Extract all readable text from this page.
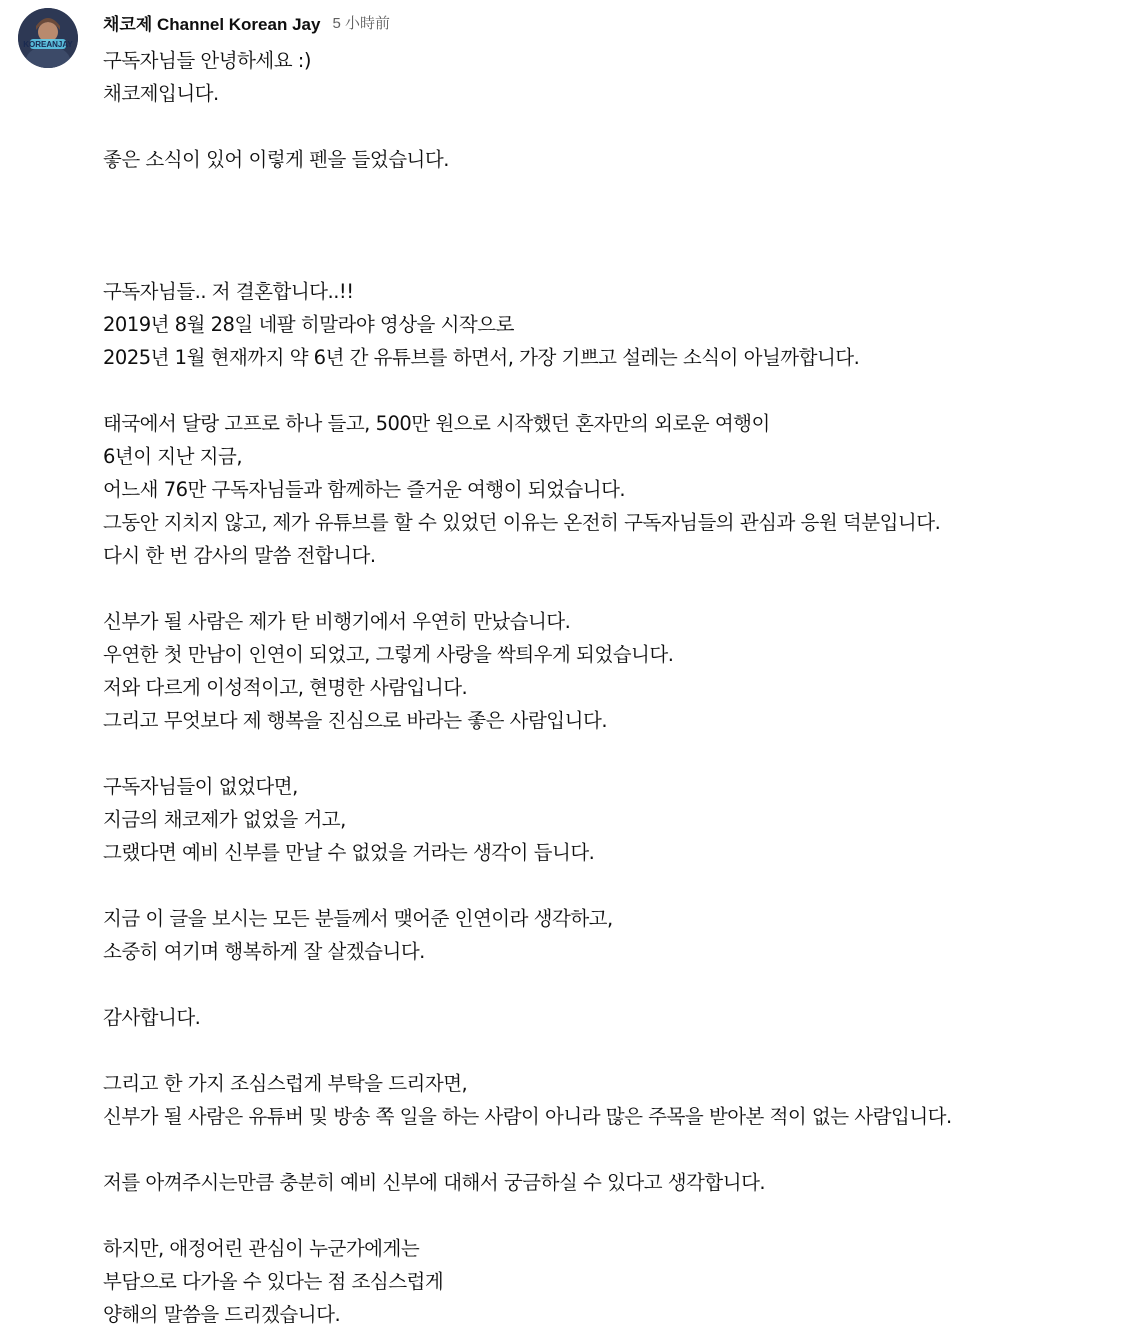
KOREANJAY
채코제 Channel Korean Jay 5 小時前
구독자님들 안녕하세요 :)
채코제입니다.
좋은 소식이 있어 이렇게 펜을 들었습니다.
구독자님들.. 저 결혼합니다..!!
2019년 8월 28일 네팔 히말라야 영상을 시작으로
2025년 1월 현재까지 약 6년 간 유튜브를 하면서, 가장 기쁘고 설레는 소식이 아닐까합니다.
태국에서 달랑 고프로 하나 들고, 500만 원으로 시작했던 혼자만의 외로운 여행이
6년이 지난 지금,
어느새 76만 구독자님들과 함께하는 즐거운 여행이 되었습니다.
그동안 지치지 않고, 제가 유튜브를 할 수 있었던 이유는 온전히 구독자님들의 관심과 응원 덕분입니다.
다시 한 번 감사의 말씀 전합니다.
신부가 될 사람은 제가 탄 비행기에서 우연히 만났습니다.
우연한 첫 만남이 인연이 되었고, 그렇게 사랑을 싹틔우게 되었습니다.
저와 다르게 이성적이고, 현명한 사람입니다.
그리고 무엇보다 제 행복을 진심으로 바라는 좋은 사람입니다.
구독자님들이 없었다면,
지금의 채코제가 없었을 거고,
그랬다면 예비 신부를 만날 수 없었을 거라는 생각이 듭니다.
지금 이 글을 보시는 모든 분들께서 맺어준 인연이라 생각하고,
소중히 여기며 행복하게 잘 살겠습니다.
감사합니다.
그리고 한 가지 조심스럽게 부탁을 드리자면,
신부가 될 사람은 유튜버 및 방송 쪽 일을 하는 사람이 아니라 많은 주목을 받아본 적이 없는 사람입니다.
저를 아껴주시는만큼 충분히 예비 신부에 대해서 궁금하실 수 있다고 생각합니다.
하지만, 애정어린 관심이 누군가에게는
부담으로 다가올 수 있다는 점 조심스럽게
양해의 말씀을 드리겠습니다.
